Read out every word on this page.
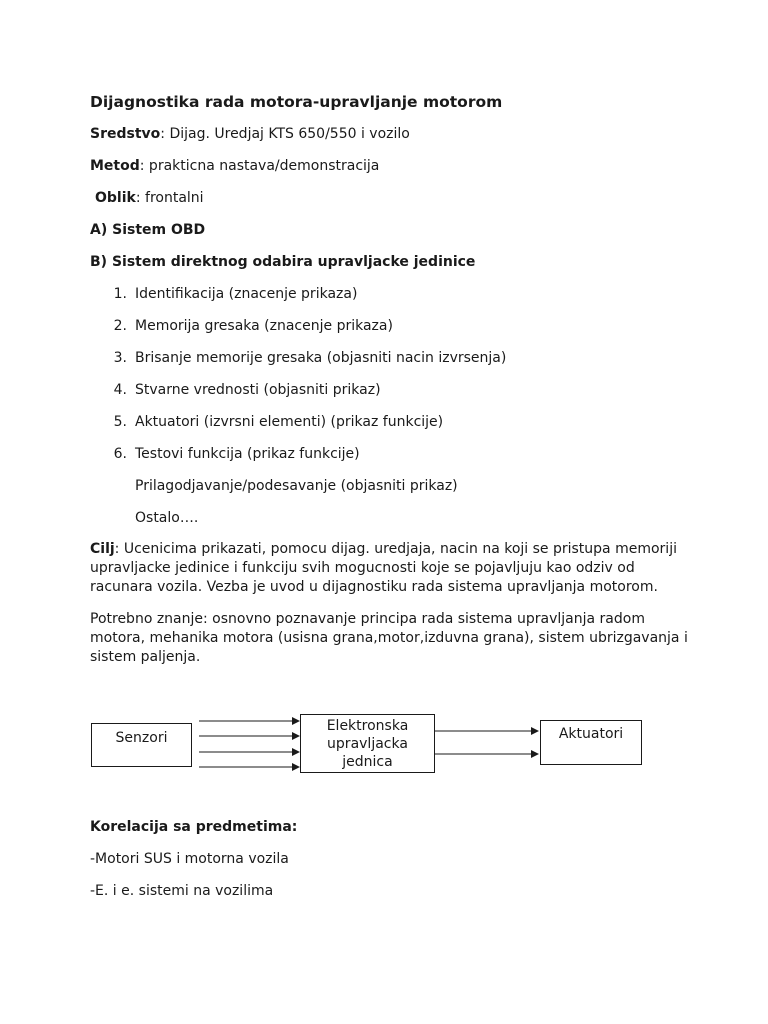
Dijagnostika rada motora-upravljanje motorom
Sredstvo: Dijag. Uredjaj KTS 650/550 i vozilo
Metod: prakticna nastava/demonstracija
Oblik: frontalni
A) Sistem OBD
B) Sistem direktnog odabira upravljacke jedinice
1. Identifikacija (znacenje prikaza)
2. Memorija gresaka (znacenje prikaza)
3. Brisanje memorije gresaka (objasniti nacin izvrsenja)
4. Stvarne vrednosti (objasniti prikaz)
5. Aktuatori (izvrsni elementi) (prikaz funkcije)
6. Testovi funkcija (prikaz funkcije)
Prilagodjavanje/podesavanje (objasniti prikaz)
Ostalo….
Cilj: Ucenicima prikazati, pomocu dijag. uredjaja, nacin na koji se pristupa memoriji upravljacke jedinice i funkciju svih mogucnosti koje se pojavljuju kao odziv od racunara vozila. Vezba je uvod u dijagnostiku rada sistema upravljanja motorom.
Potrebno znanje: osnovno poznavanje principa rada sistema upravljanja radom motora, mehanika motora (usisna grana,motor,izduvna grana), sistem ubrizgavanja i sistem paljenja.
Senzori
Elektronska
upravljacka
jednica
Aktuatori
Korelacija sa predmetima:
-Motori SUS i motorna vozila
-E. i e. sistemi na vozilima
